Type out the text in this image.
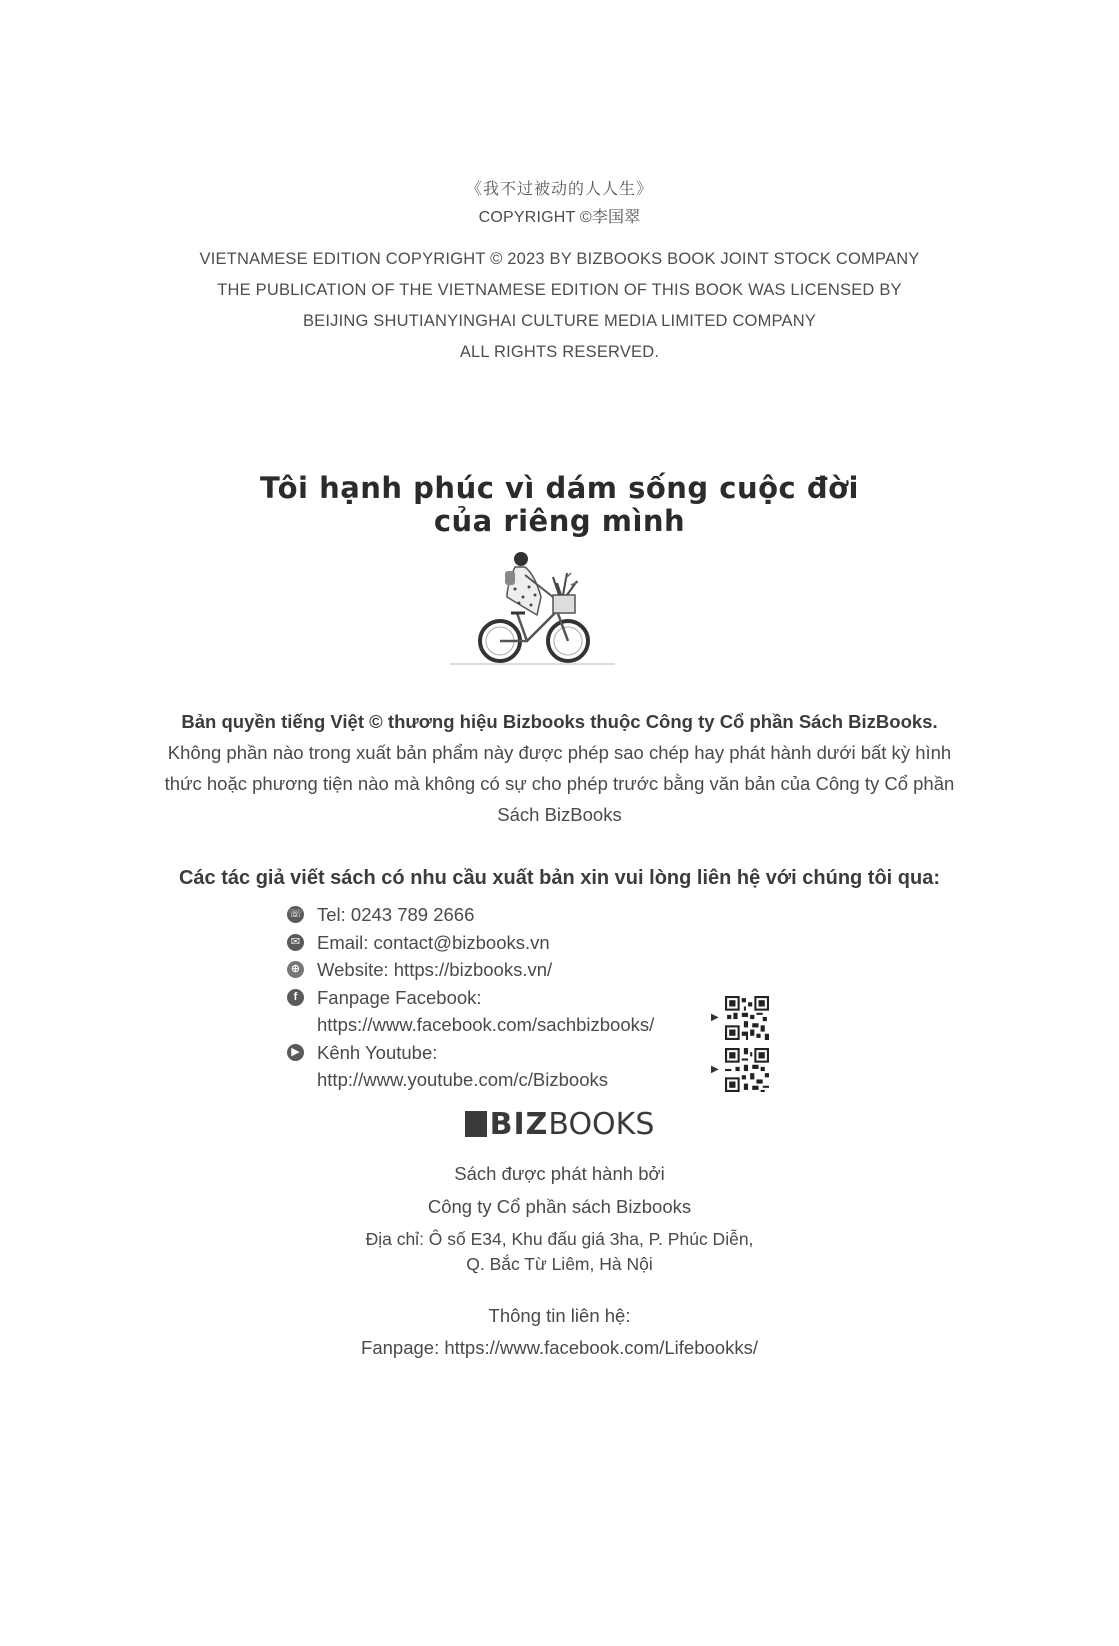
《我不过被动的人人生》
COPYRIGHT ©李国翠
VIETNAMESE EDITION COPYRIGHT © 2023 BY BIZBOOKS BOOK JOINT STOCK COMPANY
THE PUBLICATION OF THE VIETNAMESE EDITION OF THIS BOOK WAS LICENSED BY
BEIJING SHUTIANYINGHAI CULTURE MEDIA LIMITED COMPANY
ALL RIGHTS RESERVED.
Tôi hạnh phúc vì dám sống cuộc đời
của riêng mình
Bản quyền tiếng Việt © thương hiệu Bizbooks thuộc Công ty Cổ phần Sách BizBooks.
Không phần nào trong xuất bản phẩm này được phép sao chép hay phát hành dưới bất kỳ hình thức hoặc phương tiện nào mà không có sự cho phép trước bằng văn bản của Công ty Cổ phần Sách BizBooks
Các tác giả viết sách có nhu cầu xuất bản xin vui lòng liên hệ với chúng tôi qua:
☏ Tel: 0243 789 2666
✉ Email: contact@bizbooks.vn
⊕ Website: https://bizbooks.vn/
f	Fanpage Facebook:
https://www.facebook.com/sachbizbooks/
▶ Kênh Youtube:
http://www.youtube.com/c/Bizbooks
▶
▶
BIZBOOKS
Sách được phát hành bởi
Công ty Cổ phần sách Bizbooks
Địa chỉ: Ô số E34, Khu đấu giá 3ha, P. Phúc Diễn,
Q. Bắc Từ Liêm, Hà Nội
Thông tin liên hệ:
Fanpage: https://www.facebook.com/Lifebookks/
